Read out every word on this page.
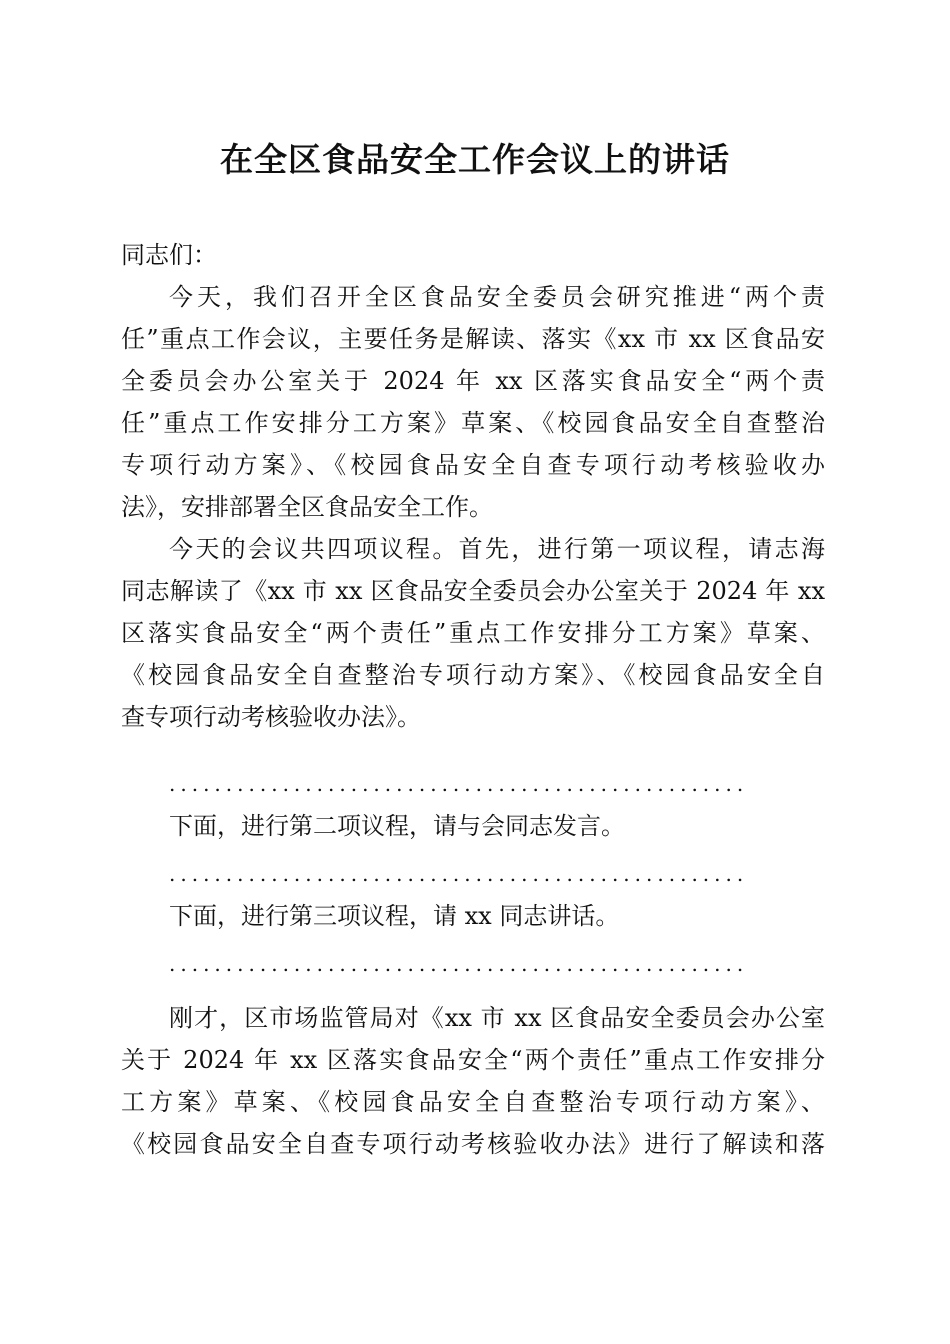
在全区食品安全工作会议上的讲话
同志们：
今天，我们召开全区食品安全委员会研究推进“两个责
任”重点工作会议，主要任务是解读、落实《xx 市 xx 区食品安
全委员会办公室关于 2024 年 xx 区落实食品安全“两个责
任”重点工作安排分工方案》草案、《校园食品安全自查整治
专项行动方案》、《校园食品安全自查专项行动考核验收办
法》，安排部署全区食品安全工作。
今天的会议共四项议程。首先，进行第一项议程，请志海
同志解读了《xx 市 xx 区食品安全委员会办公室关于 2024 年 xx
区落实食品安全“两个责任”重点工作安排分工方案》草案、
《校园食品安全自查整治专项行动方案》、《校园食品安全自
查专项行动考核验收办法》。
...................................................
下面，进行第二项议程，请与会同志发言。
...................................................
下面，进行第三项议程，请 xx 同志讲话。
...................................................
刚才，区市场监管局对《xx 市 xx 区食品安全委员会办公室
关于 2024 年 xx 区落实食品安全“两个责任”重点工作安排分
工方案》草案、《校园食品安全自查整治专项行动方案》、
《校园食品安全自查专项行动考核验收办法》进行了解读和落
